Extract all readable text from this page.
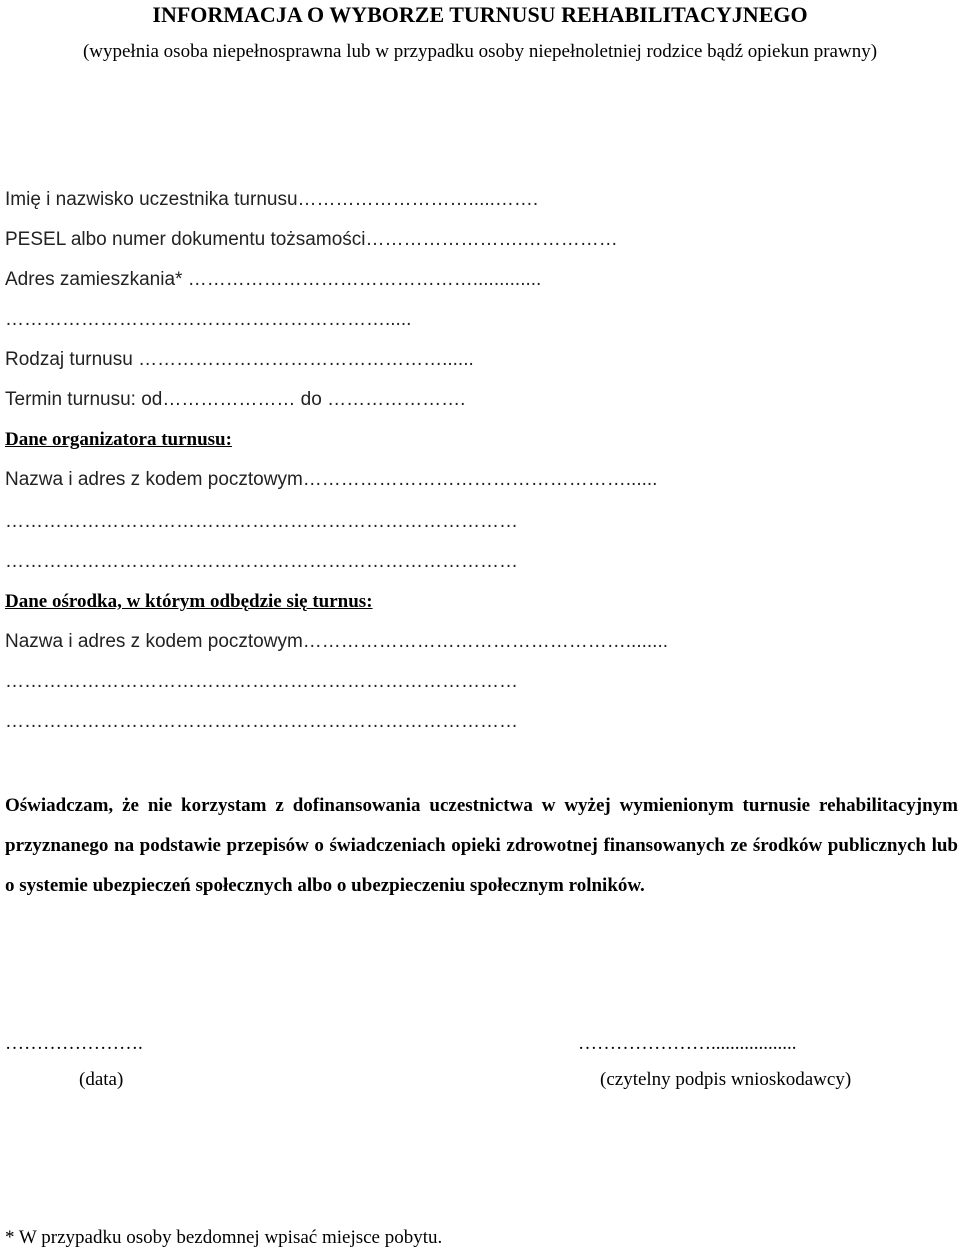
INFORMACJA O WYBORZE TURNUSU REHABILITACYJNEGO
(wypełnia osoba niepełnosprawna lub w przypadku osoby niepełnoletniej rodzice bądź opiekun prawny)
Imię i nazwisko uczestnika turnusu……………………….....…….
PESEL albo numer dokumentu tożsamości…………………….……………
Adres zamieszkania* ……………………………………….............
…………………………………………………….....
Rodzaj turnusu …………………………………………......
Termin turnusu: od………………… do ………………….
Dane organizatora turnusu:
Nazwa i adres z kodem pocztowym……………………………………………......
………………………………………………………………………
………………………………………………………………………
Dane ośrodka, w którym odbędzie się turnus:
Nazwa i adres z kodem pocztowym……………………………………………........
………………………………………………………………………
………………………………………………………………………
Oświadczam, że nie korzystam z dofinansowania uczestnictwa w wyżej wymienionym turnusie rehabilitacyjnym przyznanego na podstawie przepisów o świadczeniach opieki zdrowotnej finansowanych ze środków publicznych lub o systemie ubezpieczeń społecznych albo o ubezpieczeniu społecznym rolników.
………………….
(data)
…………………..................
(czytelny podpis wnioskodawcy)
* W przypadku osoby bezdomnej wpisać miejsce pobytu.
